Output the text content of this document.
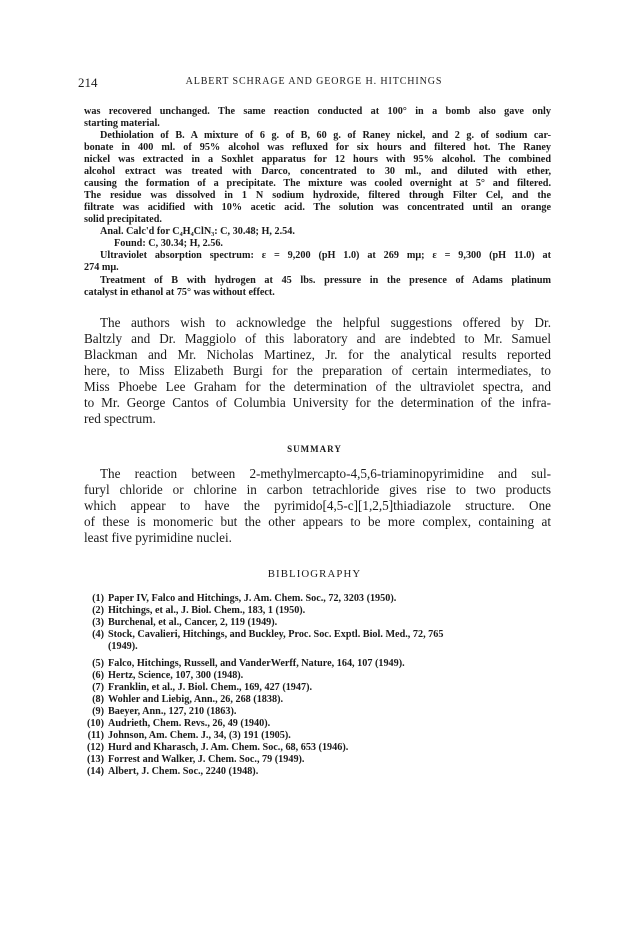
214	ALBERT SCHRAGE AND GEORGE H. HITCHINGS
was recovered unchanged. The same reaction conducted at 100° in a bomb also gave only
starting material.
Dethiolation of B. A mixture of 6 g. of B, 60 g. of Raney nickel, and 2 g. of sodium car-
bonate in 400 ml. of 95% alcohol was refluxed for six hours and filtered hot. The Raney
nickel was extracted in a Soxhlet apparatus for 12 hours with 95% alcohol. The combined
alcohol extract was treated with Darco, concentrated to 30 ml., and diluted with ether,
causing the formation of a precipitate. The mixture was cooled overnight at 5° and filtered.
The residue was dissolved in 1 N sodium hydroxide, filtered through Filter Cel, and the
filtrate was acidified with 10% acetic acid. The solution was concentrated until an orange
solid precipitated.
Anal. Calc'd for C₄H₄ClN₃: C, 30.48; H, 2.54.
Found: C, 30.34; H, 2.56.
Ultraviolet absorption spectrum: ε = 9,200 (pH 1.0) at 269 mμ; ε = 9,300 (pH 11.0) at
274 mμ.
Treatment of B with hydrogen at 45 lbs. pressure in the presence of Adams platinum
catalyst in ethanol at 75° was without effect.
The authors wish to acknowledge the helpful suggestions offered by Dr.
Baltzly and Dr. Maggiolo of this laboratory and are indebted to Mr. Samuel
Blackman and Mr. Nicholas Martinez, Jr. for the analytical results reported
here, to Miss Elizabeth Burgi for the preparation of certain intermediates, to
Miss Phoebe Lee Graham for the determination of the ultraviolet spectra, and
to Mr. George Cantos of Columbia University for the determination of the infra-
red spectrum.
SUMMARY
The reaction between 2-methylmercapto-4,5,6-triaminopyrimidine and sul-
furyl chloride or chlorine in carbon tetrachloride gives rise to two products
which appear to have the pyrimido[4,5-c][1,2,5]thiadiazole structure. One
of these is monomeric but the other appears to be more complex, containing at
least five pyrimidine nuclei.
BIBLIOGRAPHY
(1) Paper IV, Falco and Hitchings, J. Am. Chem. Soc., 72, 3203 (1950).
(2) Hitchings, et al., J. Biol. Chem., 183, 1 (1950).
(3) Burchenal, et al., Cancer, 2, 119 (1949).
(4) Stock, Cavalieri, Hitchings, and Buckley, Proc. Soc. Exptl. Biol. Med., 72, 765
(1949).
(5) Falco, Hitchings, Russell, and VanderWerff, Nature, 164, 107 (1949).
(6) Hertz, Science, 107, 300 (1948).
(7) Franklin, et al., J. Biol. Chem., 169, 427 (1947).
(8) Wohler and Liebig, Ann., 26, 268 (1838).
(9) Baeyer, Ann., 127, 210 (1863).
(10) Audrieth, Chem. Revs., 26, 49 (1940).
(11) Johnson, Am. Chem. J., 34, (3) 191 (1905).
(12) Hurd and Kharasch, J. Am. Chem. Soc., 68, 653 (1946).
(13) Forrest and Walker, J. Chem. Soc., 79 (1949).
(14) Albert, J. Chem. Soc., 2240 (1948).
